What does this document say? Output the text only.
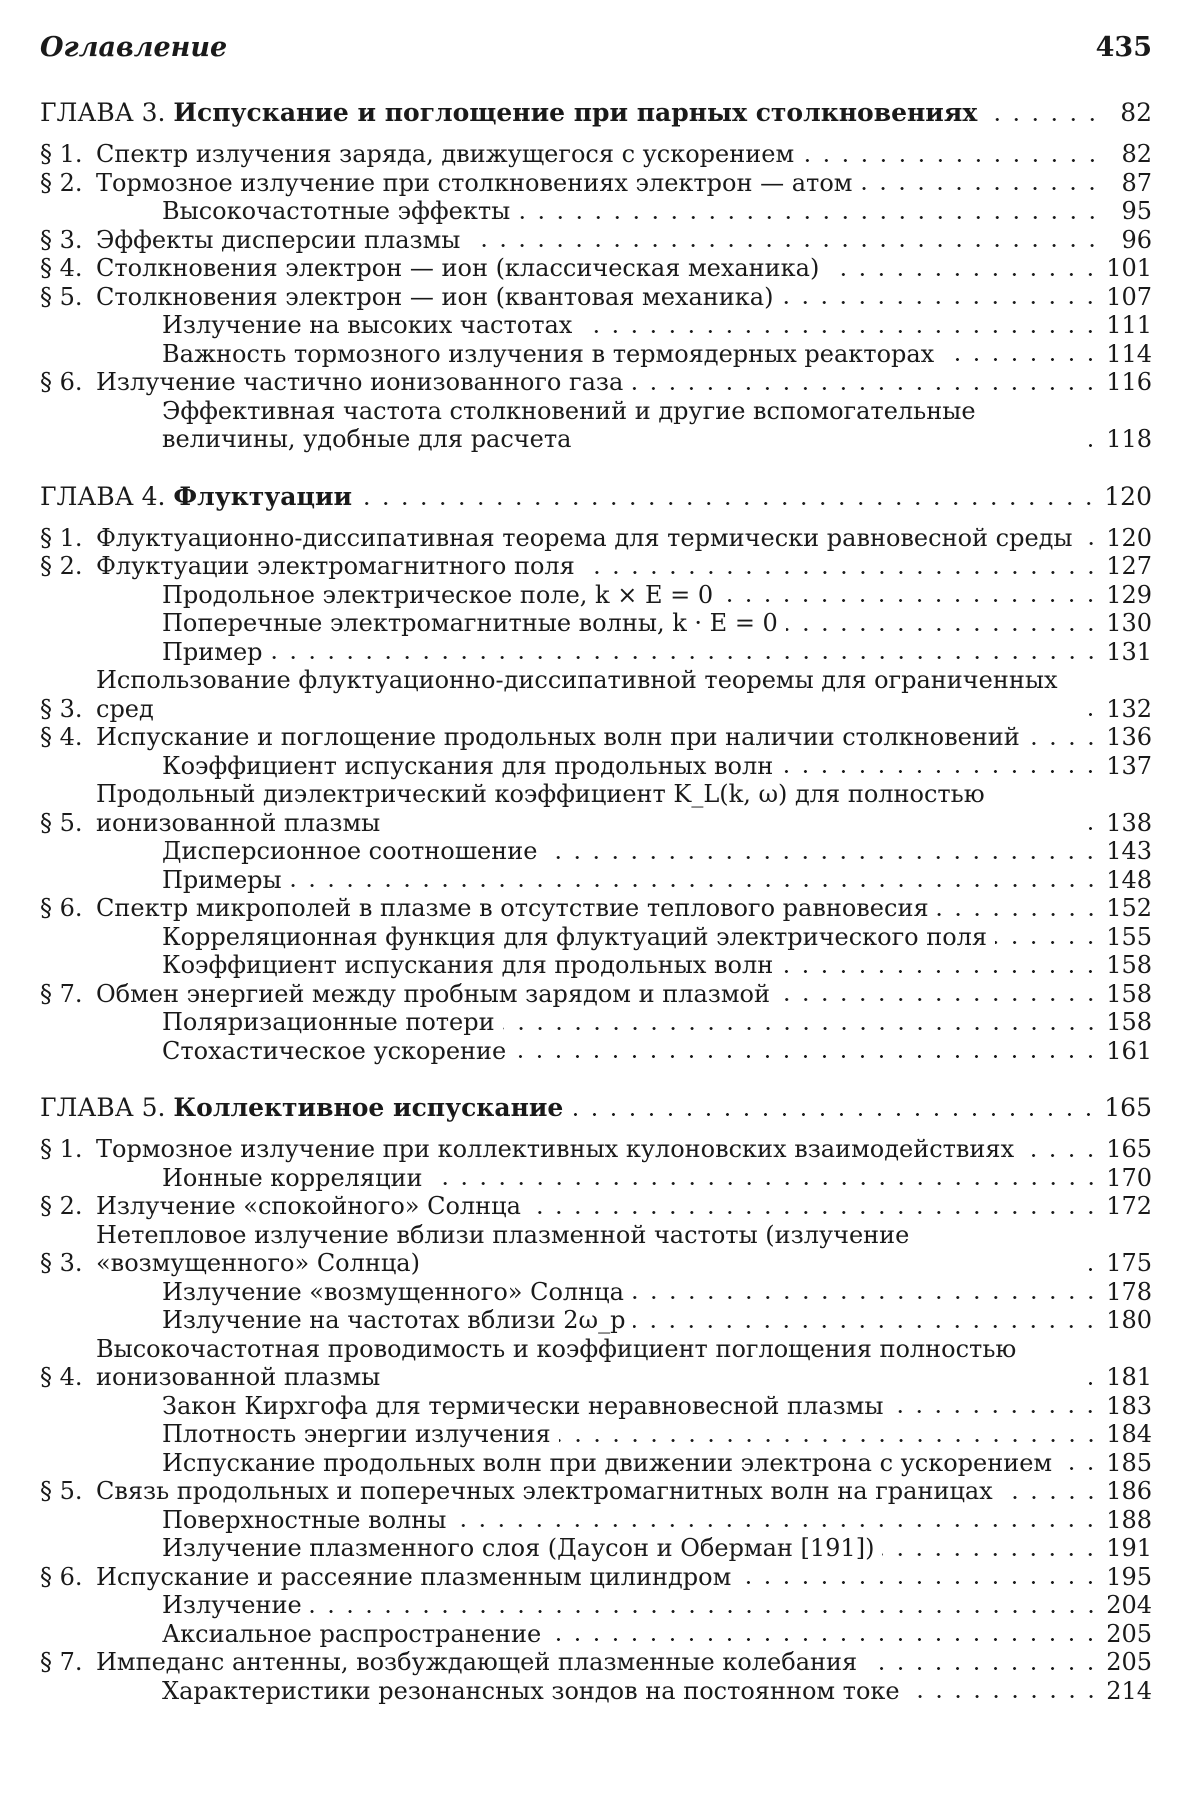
Оглавление	435
ГЛАВА 3. Испускание и поглощение при парных столкновениях	82
§ 1. Спектр излучения заряда, движущегося с ускорением	82
§ 2. Тормозное излучение при столкновениях электрон — атом	87
Высокочастотные эффекты	95
§ 3. Эффекты дисперсии плазмы	96
§ 4. Столкновения электрон — ион (классическая механика)	101
§ 5. Столкновения электрон — ион (квантовая механика)	107
Излучение на высоких частотах	111
Важность тормозного излучения в термоядерных реакторах	114
§ 6. Излучение частично ионизованного газа	116
Эффективная частота столкновений и другие вспомогательные величины, удобные для расчета	118
ГЛАВА 4. Флуктуации	120
§ 1. Флуктуационно-диссипативная теорема для термически равновесной среды 120
§ 2. Флуктуации электромагнитного поля	127
Продольное электрическое поле, k × E = 0	129
Поперечные электромагнитные волны, k · E = 0	130
Пример	131
§ 3.
Использование флуктуационно-диссипативной теоремы для ограниченных сред	132
§ 4. Испускание и поглощение продольных волн при наличии столкновений	136
Коэффициент испускания для продольных волн	137
§ 5.
Продольный диэлектрический коэффициент K_L(k, ω) для полностью ионизованной плазмы	138
Дисперсионное соотношение	143
Примеры	148
§ 6. Спектр микрополей в плазме в отсутствие теплового равновесия	152
Корреляционная функция для флуктуаций электрического поля	155
Коэффициент испускания для продольных волн	158
§ 7. Обмен энергией между пробным зарядом и плазмой	158
Поляризационные потери	158
Стохастическое ускорение	161
ГЛАВА 5. Коллективное испускание	165
§ 1. Тормозное излучение при коллективных кулоновских взаимодействиях	165
Ионные корреляции	170
§ 2. Излучение «спокойного» Солнца	172
§ 3.
Нетепловое излучение вблизи плазменной частоты (излучение «возмущенного» Солнца)	175
Излучение «возмущенного» Солнца	178
Излучение на частотах вблизи 2ω_p	180
§ 4.
Высокочастотная проводимость и коэффициент поглощения полностью ионизованной плазмы	181
Закон Кирхгофа для термически неравновесной плазмы	183
Плотность энергии излучения	184
Испускание продольных волн при движении электрона с ускорением 185
§ 5. Связь продольных и поперечных электромагнитных волн на границах	186
Поверхностные волны	188
Излучение плазменного слоя (Даусон и Оберман [191])	191
§ 6. Испускание и рассеяние плазменным цилиндром	195
Излучение	204
Аксиальное распространение	205
§ 7. Импеданс антенны, возбуждающей плазменные колебания	205
Характеристики резонансных зондов на постоянном токе	214
